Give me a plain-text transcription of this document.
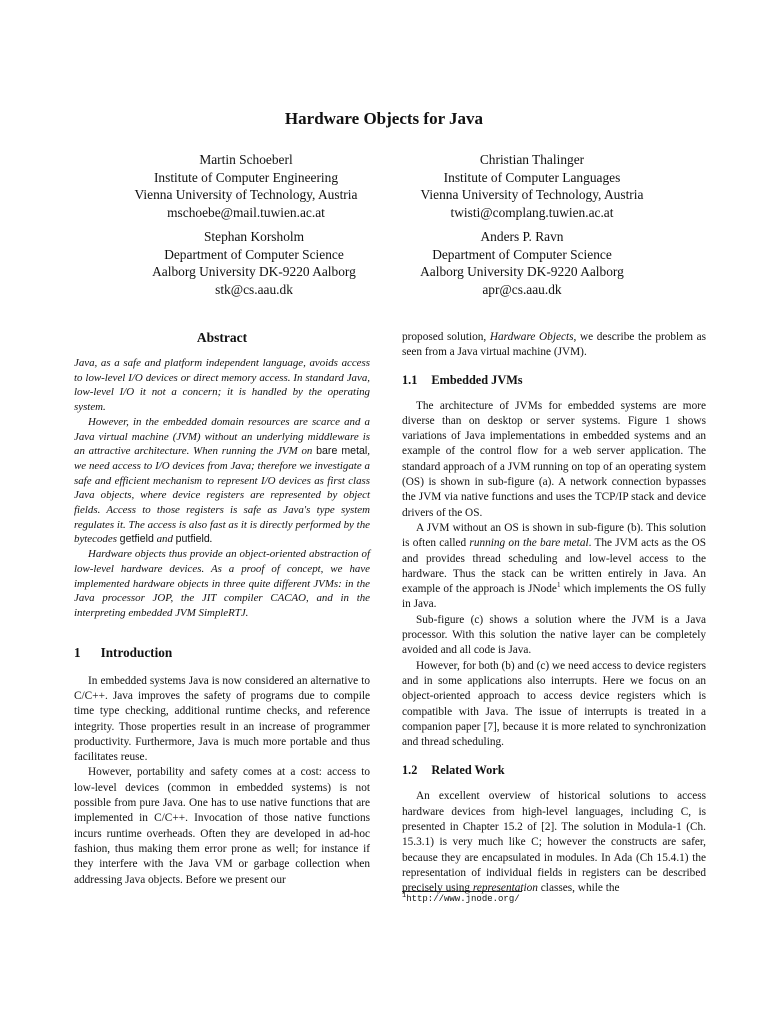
Hardware Objects for Java
Martin Schoeberl
Institute of Computer Engineering
Vienna University of Technology, Austria
mschoebe@mail.tuwien.ac.at
Christian Thalinger
Institute of Computer Languages
Vienna University of Technology, Austria
twisti@complang.tuwien.ac.at
Stephan Korsholm
Department of Computer Science
Aalborg University DK-9220 Aalborg
stk@cs.aau.dk
Anders P. Ravn
Department of Computer Science
Aalborg University DK-9220 Aalborg
apr@cs.aau.dk
Abstract

Java, as a safe and platform independent language, avoids access to low-level I/O devices or direct memory access. In standard Java, low-level I/O it not a concern; it is handled by the operating system.

However, in the embedded domain resources are scarce and a Java virtual machine (JVM) without an underlying middleware is an attractive architecture. When running the JVM on bare metal, we need access to I/O devices from Java; therefore we investigate a safe and efficient mechanism to represent I/O devices as first class Java objects, where device registers are represented by object fields. Access to those registers is safe as Java's type system regulates it. The access is also fast as it is directly performed by the bytecodes getfield and putfield.

Hardware objects thus provide an object-oriented abstraction of low-level hardware devices. As a proof of concept, we have implemented hardware objects in three quite different JVMs: in the Java processor JOP, the JIT compiler CACAO, and in the interpreting embedded JVM SimpleRTJ.

1 Introduction

In embedded systems Java is now considered an alternative to C/C++. Java improves the safety of programs due to compile time type checking, additional runtime checks, and reference integrity. Those properties result in an increase of programmer productivity. Furthermore, Java is much more portable and thus facilitates reuse.

However, portability and safety comes at a cost: access to low-level devices (common in embedded systems) is not possible from pure Java. One has to use native functions that are implemented in C/C++. Invocation of those native functions incurs runtime overheads. Often they are developed in ad-hoc fashion, thus making them error prone as well; for instance if they interfere with the Java VM or garbage collection when addressing Java objects. Before we present our

proposed solution, Hardware Objects, we describe the problem as seen from a Java virtual machine (JVM).

1.1 Embedded JVMs

The architecture of JVMs for embedded systems are more diverse than on desktop or server systems. Figure 1 shows variations of Java implementations in embedded systems and an example of the control flow for a web server application. The standard approach of a JVM running on top of an operating system (OS) is shown in sub-figure (a). A network connection bypasses the JVM via native functions and uses the TCP/IP stack and device drivers of the OS.

A JVM without an OS is shown in sub-figure (b). This solution is often called running on the bare metal. The JVM acts as the OS and provides thread scheduling and low-level access to the hardware. Thus the stack can be written entirely in Java. An example of the approach is JNode$^1$ which implements the OS fully in Java.

Sub-figure (c) shows a solution where the JVM is a Java processor. With this solution the native layer can be completely avoided and all code is Java.

However, for both (b) and (c) we need access to device registers and in some applications also interrupts. Here we focus on an object-oriented approach to access device registers which is compatible with Java. The issue of interrupts is treated in a companion paper [7], because it is more related to synchronization and thread scheduling.

1.2 Related Work

An excellent overview of historical solutions to access hardware devices from high-level languages, including C, is presented in Chapter 15.2 of [2]. The solution in Modula-1 (Ch. 15.3.1) is very much like C; however the constructs are safer, because they are encapsulated in modules. In Ada (Ch 15.4.1) the representation of individual fields in registers can be described precisely using representation classes, while the

$^1$http://www.jnode.org/
